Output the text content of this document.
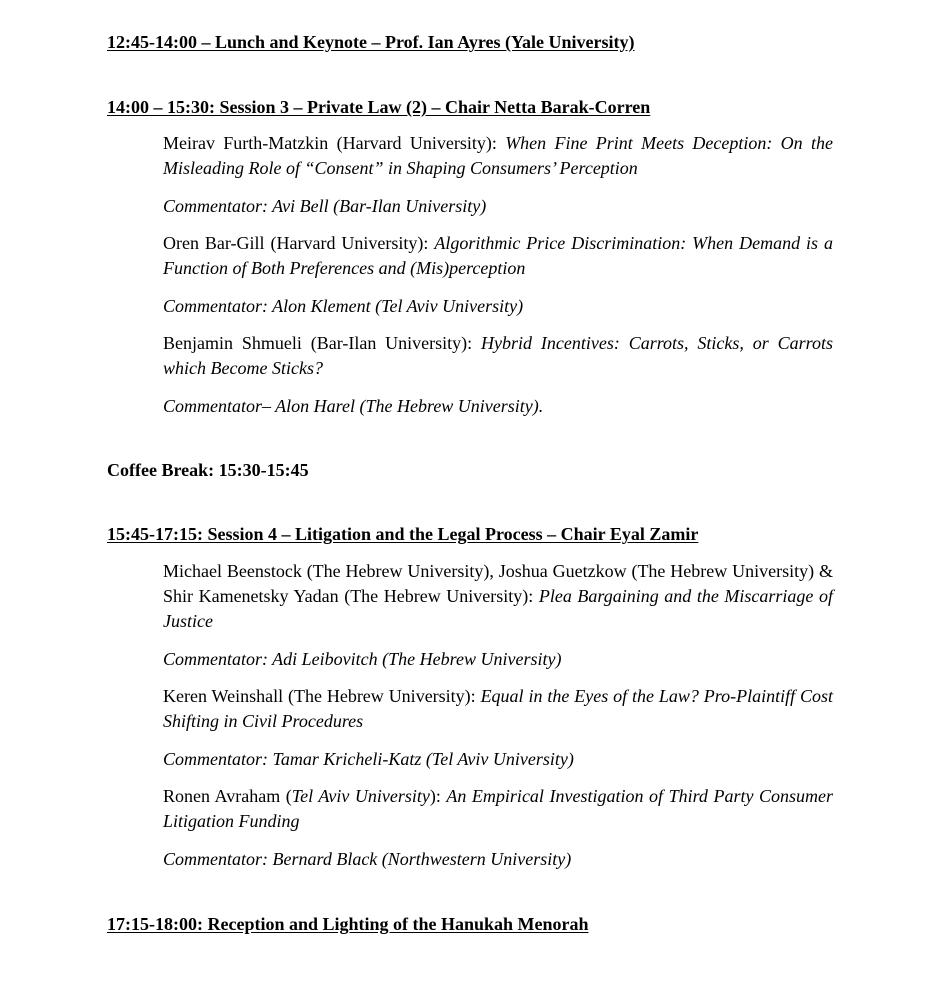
12:45-14:00 – Lunch and Keynote – Prof. Ian Ayres (Yale University)
14:00 – 15:30: Session 3 – Private Law (2) – Chair Netta Barak-Corren
Meirav Furth-Matzkin (Harvard University): When Fine Print Meets Deception: On the Misleading Role of “Consent” in Shaping Consumers’ Perception
Commentator: Avi Bell (Bar-Ilan University)
Oren Bar-Gill (Harvard University): Algorithmic Price Discrimination: When Demand is a Function of Both Preferences and (Mis)perception
Commentator: Alon Klement (Tel Aviv University)
Benjamin Shmueli (Bar-Ilan University): Hybrid Incentives: Carrots, Sticks, or Carrots which Become Sticks?
Commentator– Alon Harel (The Hebrew University).
Coffee Break: 15:30-15:45
15:45-17:15: Session 4 – Litigation and the Legal Process – Chair Eyal Zamir
Michael Beenstock (The Hebrew University), Joshua Guetzkow (The Hebrew University) & Shir Kamenetsky Yadan (The Hebrew University): Plea Bargaining and the Miscarriage of Justice
Commentator: Adi Leibovitch (The Hebrew University)
Keren Weinshall (The Hebrew University): Equal in the Eyes of the Law? Pro-Plaintiff Cost Shifting in Civil Procedures
Commentator: Tamar Kricheli-Katz (Tel Aviv University)
Ronen Avraham (Tel Aviv University): An Empirical Investigation of Third Party Consumer Litigation Funding
Commentator: Bernard Black (Northwestern University)
17:15-18:00: Reception and Lighting of the Hanukah Menorah
